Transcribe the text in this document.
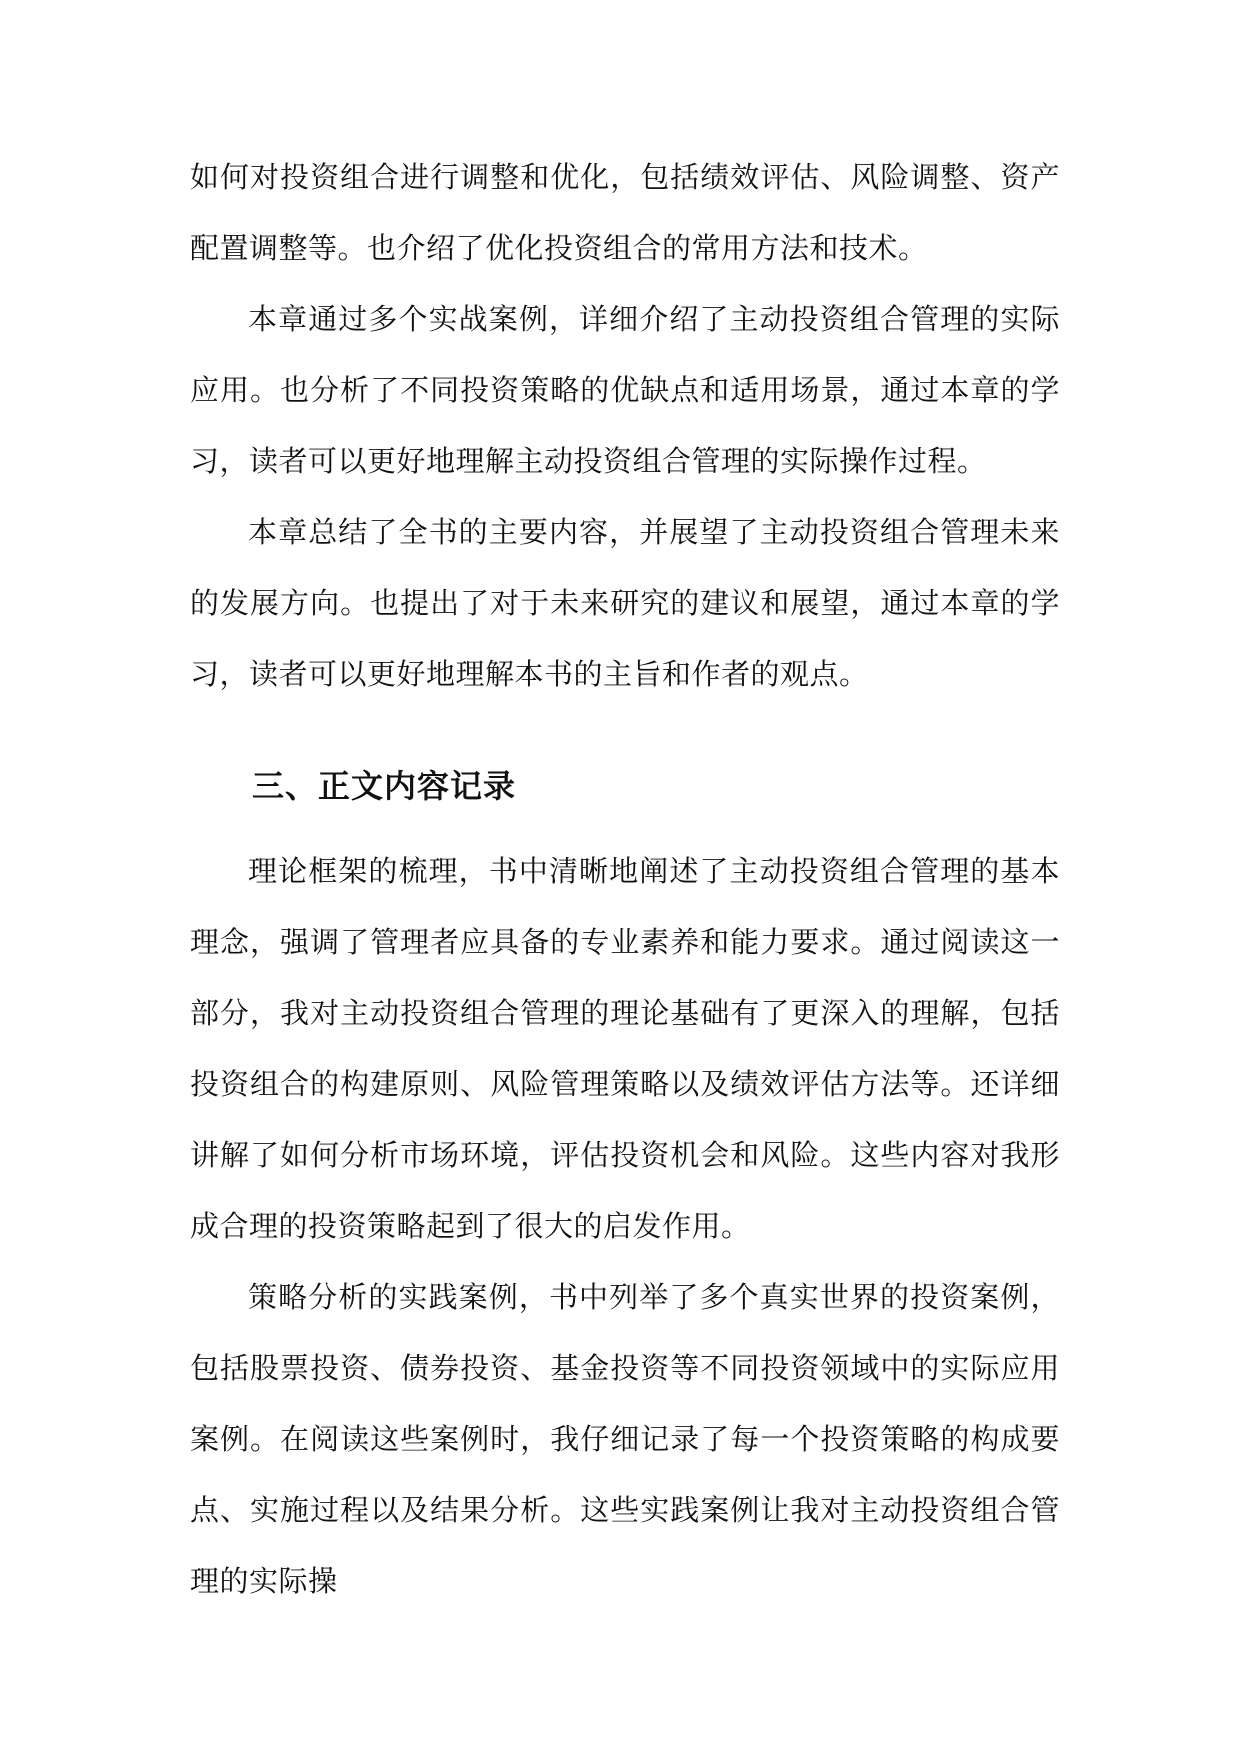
如何对投资组合进行调整和优化，包括绩效评估、风险调整、资产配置调整等。也介绍了优化投资组合的常用方法和技术。

本章通过多个实战案例，详细介绍了主动投资组合管理的实际应用。也分析了不同投资策略的优缺点和适用场景，通过本章的学习，读者可以更好地理解主动投资组合管理的实际操作过程。

本章总结了全书的主要内容，并展望了主动投资组合管理未来的发展方向。也提出了对于未来研究的建议和展望，通过本章的学习，读者可以更好地理解本书的主旨和作者的观点。

三、正文内容记录

理论框架的梳理，书中清晰地阐述了主动投资组合管理的基本理念，强调了管理者应具备的专业素养和能力要求。通过阅读这一部分，我对主动投资组合管理的理论基础有了更深入的理解，包括投资组合的构建原则、风险管理策略以及绩效评估方法等。还详细讲解了如何分析市场环境，评估投资机会和风险。这些内容对我形成合理的投资策略起到了很大的启发作用。

策略分析的实践案例，书中列举了多个真实世界的投资案例，包括股票投资、债券投资、基金投资等不同投资领域中的实际应用案例。在阅读这些案例时，我仔细记录了每一个投资策略的构成要点、实施过程以及结果分析。这些实践案例让我对主动投资组合管理的实际操
